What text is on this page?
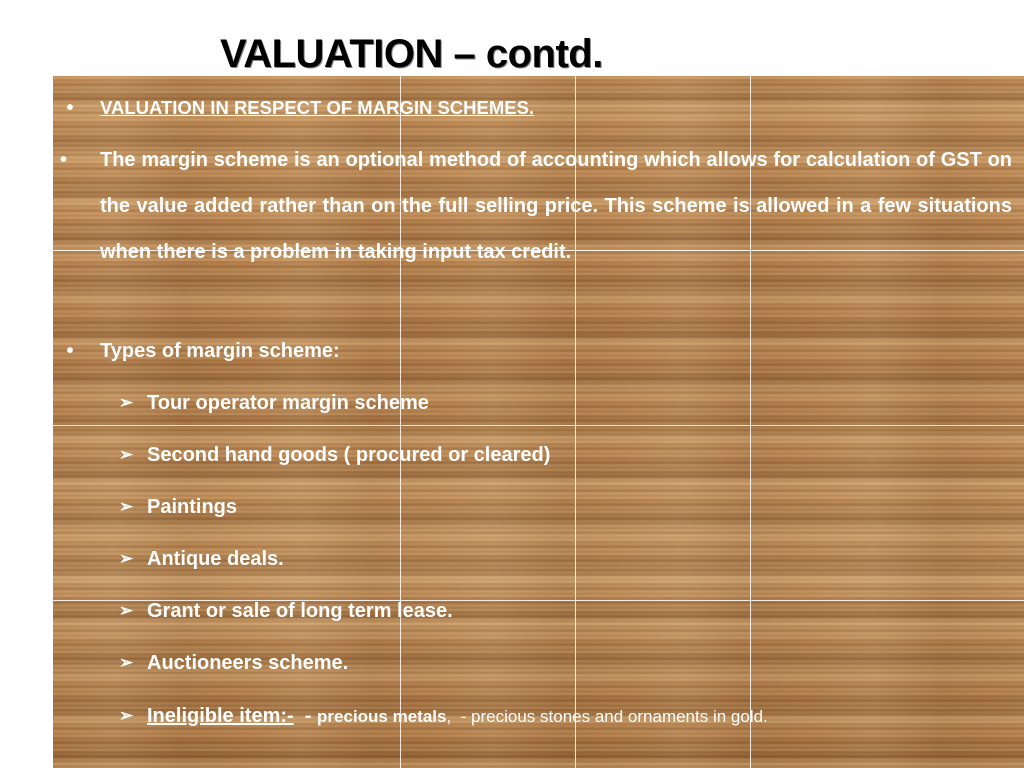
VALUATION – contd.
•	VALUATION IN RESPECT OF MARGIN SCHEMES.
•	The margin scheme is an optional method of accounting which allows for calculation of GST on the value added rather than on the full selling price. This scheme is allowed in a few situations when there is a problem in taking input tax credit.
•	Types of margin scheme:
➢ Tour operator margin scheme
➢ Second hand goods ( procured or cleared)
➢ Paintings
➢ Antique deals.
➢ Grant or sale of long term lease.
➢ Auctioneers scheme.
➢ Ineligible item:-  - precious metals,  - precious stones and ornaments in gold.
